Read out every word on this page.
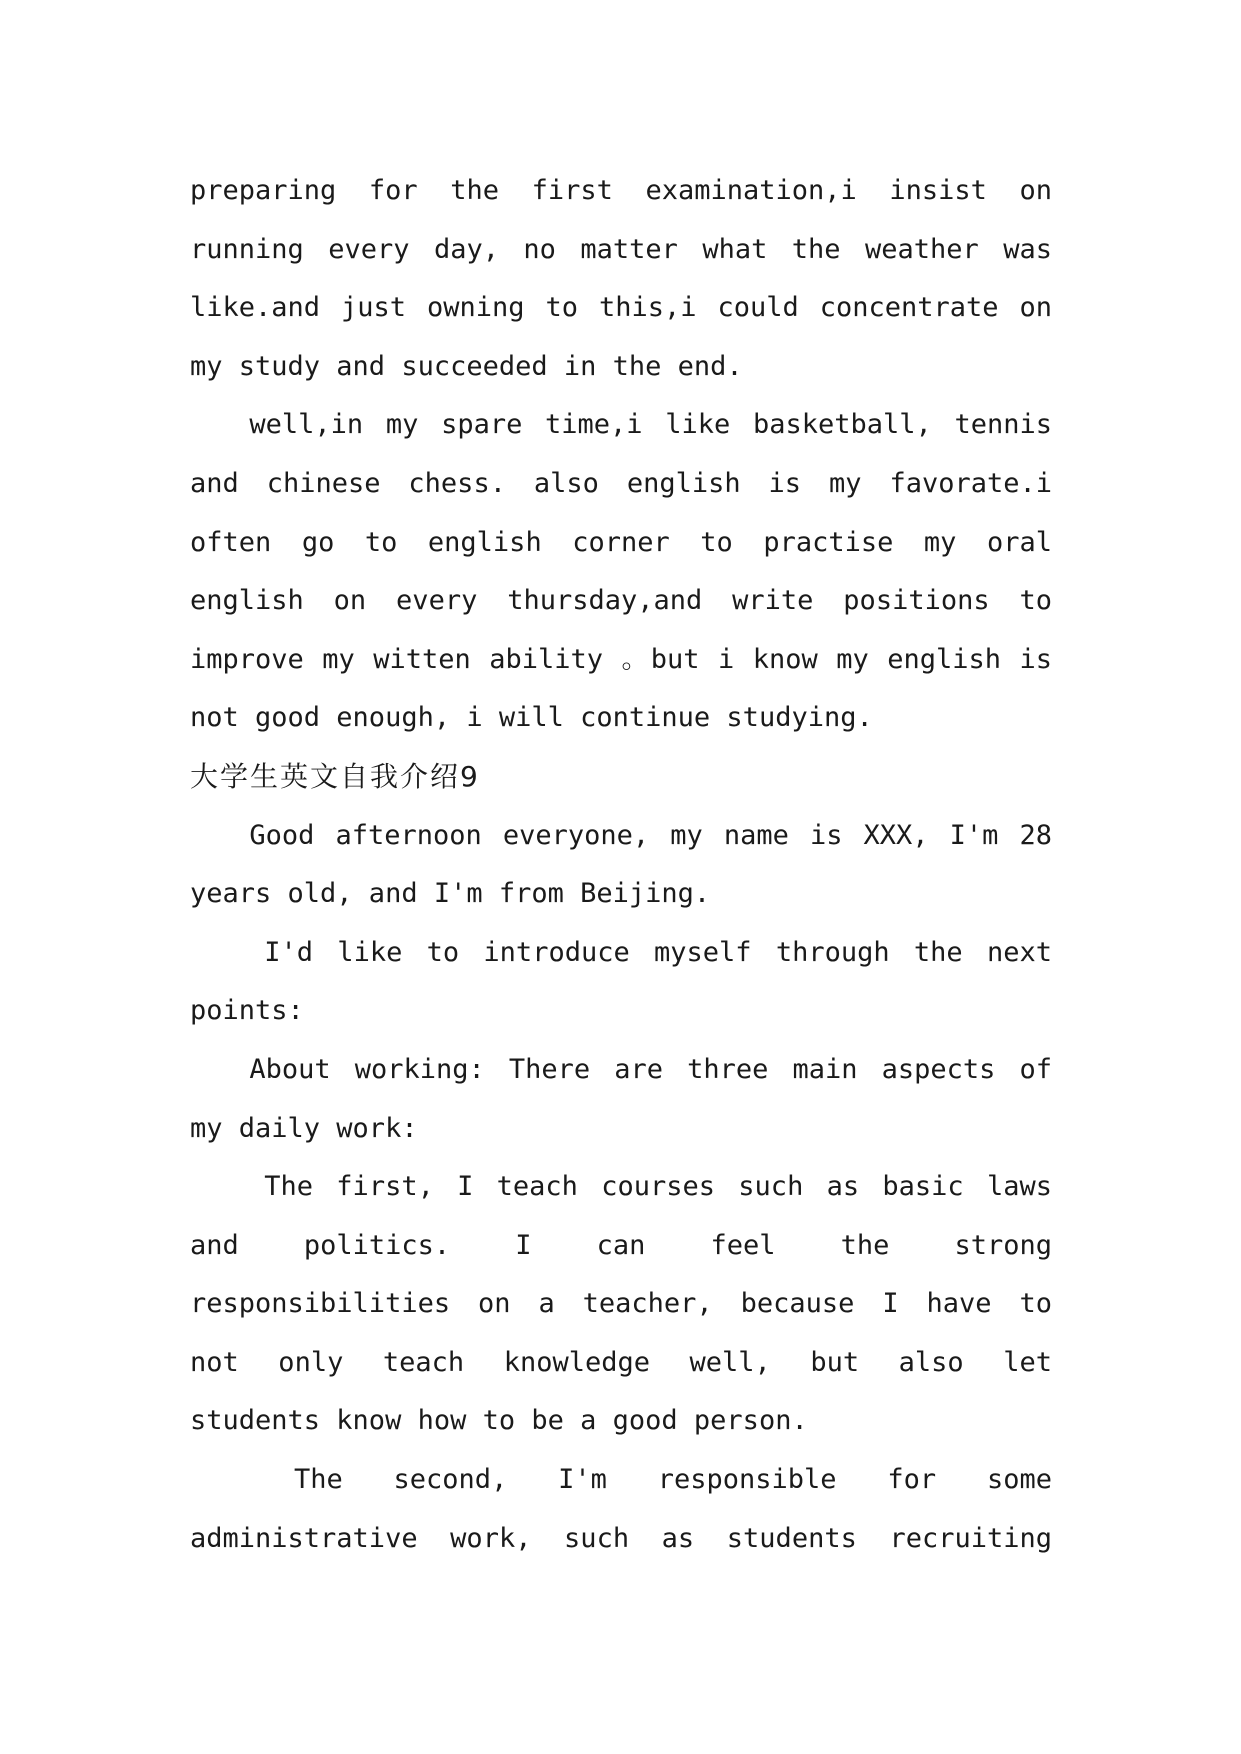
preparing for the first examination,i insist on
running every day, no matter what the weather was
like.and just owning to this,i could concentrate on
my study and succeeded in the end.
well,in my spare time,i like basketball, tennis
and chinese chess. also english is my favorate.i
often go to english corner to practise my oral
english on every thursday,and write positions to
improve my witten ability 。but i know my english is
not good enough, i will continue studying.
大学生英文自我介绍9
Good afternoon everyone, my name is XXX, I'm 28
years old, and I'm from Beijing.
I'd like to introduce myself through the next
points:
About working: There are three main aspects of
my daily work:
The first, I teach courses such as basic laws
and politics. I can feel the strong
responsibilities on a teacher, because I have to
not only teach knowledge well, but also let
students know how to be a good person.
The second, I'm responsible for some
administrative work, such as students recruiting
